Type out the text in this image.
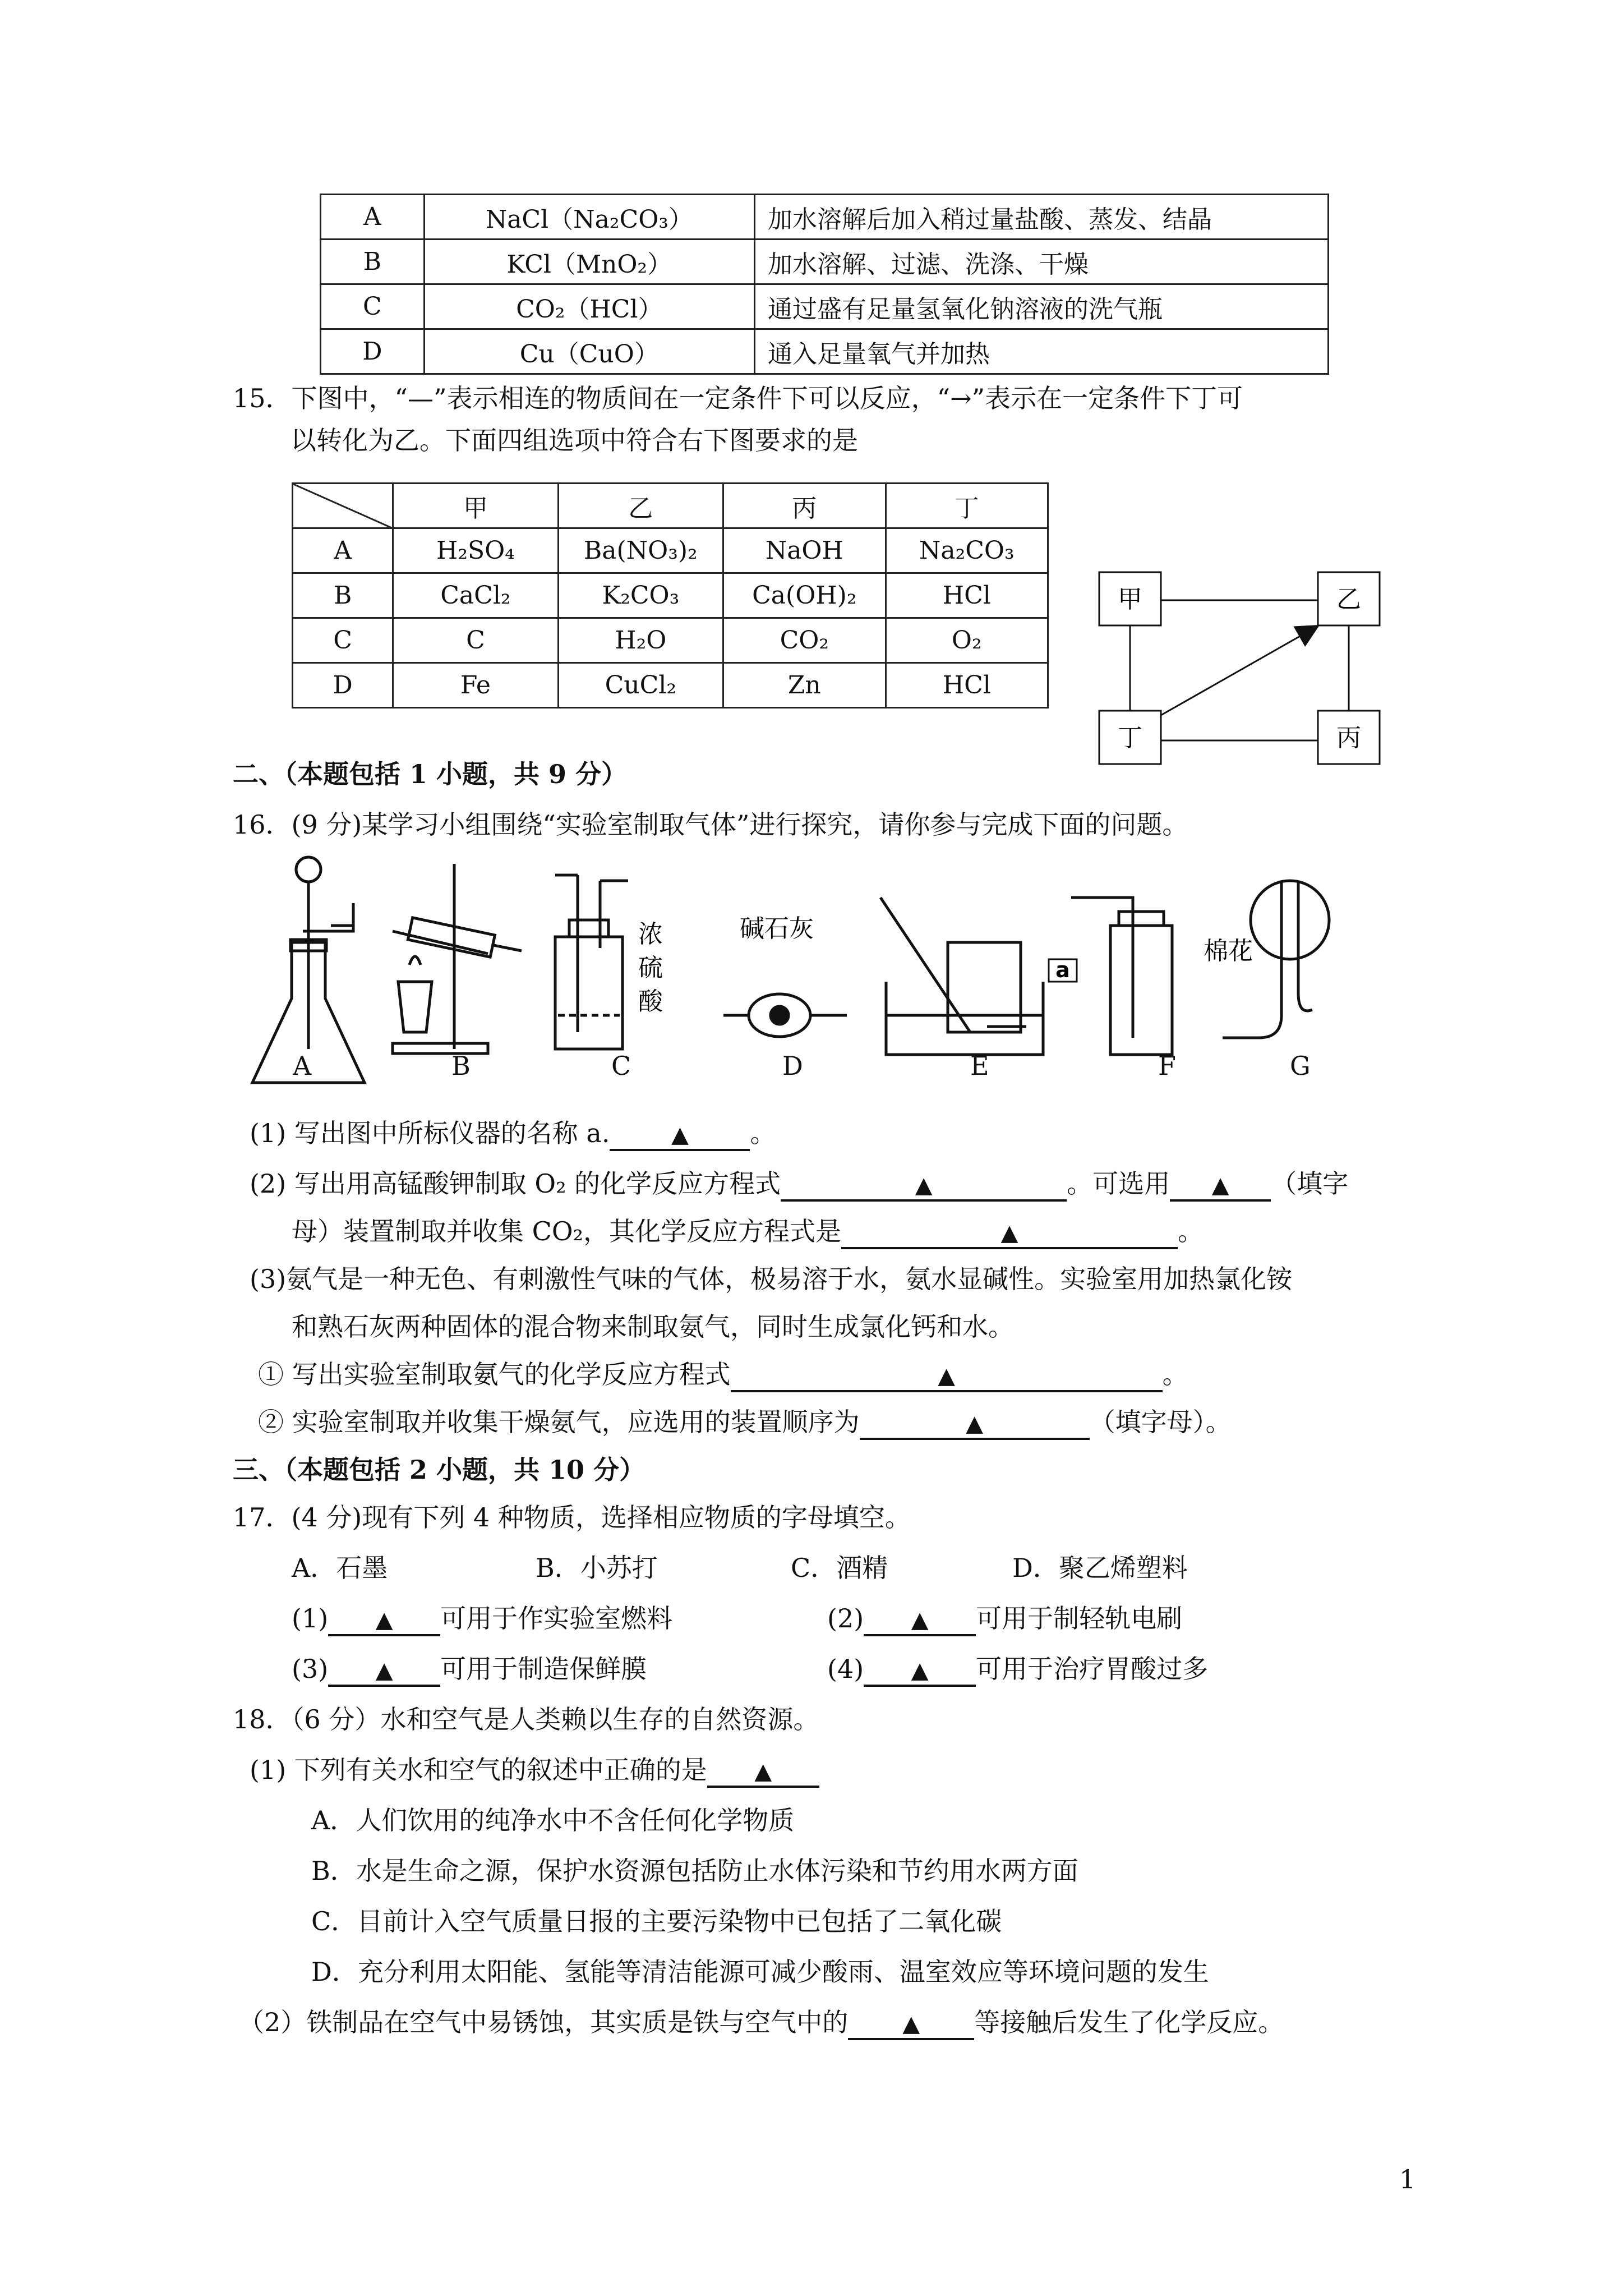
A	NaCl（Na₂CO₃）	加水溶解后加入稍过量盐酸、蒸发、结晶
B	KCl（MnO₂）	加水溶解、过滤、洗涤、干燥
C	CO₂（HCl）	通过盛有足量氢氧化钠溶液的洗气瓶
D	Cu（CuO）	通入足量氧气并加热
15．下图中，“—”表示相连的物质间在一定条件下可以反应，“→”表示在一定条件下丁可
以转化为乙。下面四组选项中符合右下图要求的是
	甲	乙	丙	丁
A	H₂SO₄	Ba(NO₃)₂	NaOH	Na₂CO₃
B	CaCl₂	K₂CO₃	Ca(OH)₂	HCl
C	C	H₂O	CO₂	O₂
D	Fe	CuCl₂	Zn	HCl
甲	乙
丁	丙
二、（本题包括 1 小题，共 9 分）
16．(9 分)某学习小组围绕“实验室制取气体”进行探究，请你参与完成下面的问题。
a
浓
硫
酸
碱石灰
棉花
A	B	C	D	E	F	G
(1) 写出图中所标仪器的名称 a.	▲ 。
(2) 写出用高锰酸钾制取 O₂ 的化学反应方程式	▲	。可选用 ▲ （填字
母）装置制取并收集 CO₂，其化学反应方程式是	▲	。
(3)氨气是一种无色、有刺激性气味的气体，极易溶于水，氨水显碱性。实验室用加热氯化铵
和熟石灰两种固体的混合物来制取氨气，同时生成氯化钙和水。
① 写出实验室制取氨气的化学反应方程式	▲	。
② 实验室制取并收集干燥氨气，应选用的装置顺序为	▲	（填字母）。
三、（本题包括 2 小题，共 10 分）
17．(4 分)现有下列 4 种物质，选择相应物质的字母填空。
A．石墨	B．小苏打	C．酒精	D．聚乙烯塑料
(1) ▲ 可用于作实验室燃料	(2) ▲ 可用于制轻轨电刷
(3) ▲ 可用于制造保鲜膜	(4) ▲ 可用于治疗胃酸过多
18．（6 分）水和空气是人类赖以生存的自然资源。
(1) 下列有关水和空气的叙述中正确的是 ▲
A．人们饮用的纯净水中不含任何化学物质
B．水是生命之源，保护水资源包括防止水体污染和节约用水两方面
C．目前计入空气质量日报的主要污染物中已包括了二氧化碳
D．充分利用太阳能、氢能等清洁能源可减少酸雨、温室效应等环境问题的发生
（2）铁制品在空气中易锈蚀，其实质是铁与空气中的 ▲ 等接触后发生了化学反应。
1
